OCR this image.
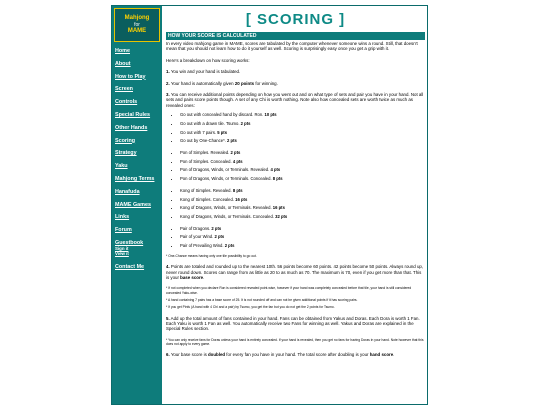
Mahjong
for
MAME
Home
About
How to Play
Screen
Controls
Special Rules
Other Hands
Scoring
Strategy
Yaku
Mahjong Terms
Hanafuda
MAME Games
Links
Forum
Guestbook
Sign it
View it
Contact Me
[ SCORING ]
HOW YOUR SCORE IS CALCULATED

In every video mahjong game in MAME, scores are tabulated by the computer whenever someone wins a round. Still, that doesn't mean that you should not learn how to do it yourself as well. Scoring is surprisingly easy once you get a grip with it.

Here's a breakdown on how scoring works:

1. You win and your hand is tabulated.

2. Your hand is automatically given 20 points for winning.

3. You can receive additional points depending on how you went out and on what type of sets and pair you have in your hand. Not all sets and pairs score points though. A set of any Chi is worth nothing. Note also how concealed sets are worth twice as much as revealed ones:

• Go out with concealed hand by discard. Ron. 10 pts
• Go out with a drawn tile. Tsumo. 2 pts
• Go out with 7 pairs. 5 pts
• Go out by One-Chance*. 2 pts
• Pon of Simples. Revealed. 2 pts
• Pon of Simples. Concealed. 4 pts
• Pon of Dragons, Winds, or Terminals. Revealed. 4 pts
• Pon of Dragons, Winds, or Terminals. Concealed. 8 pts
• Kong of Simples. Revealed. 8 pts
• Kong of Simples. Concealed. 16 pts
• Kong of Dragons, Winds, or Terminals. Revealed. 16 pts
• Kong of Dragons, Winds, or Terminals. Concealed. 32 pts
• Pair of Dragons. 2 pts
• Pair of your Wind. 2 pts
• Pair of Prevailing Wind. 2 pts

* One-Chance means having only one tile possibility to go out.

4. Points are totaled and rounded up to the nearest 10th. 56 points become 60 points. 42 points become 50 points. Always round up, never round down. Scores can range from as little as 20 to as much as 70. The maximum is 70, even if you get more than that. This is your base score.

* If not completed when you declare Ron is considered revealed point-wise, however if your hand was completely concealed before that tile, your hand is still considered concealed Yaku-wise.

* A hand containing 7 pairs has a base score of 25. It is not rounded off and can not be given additional points if it has scoring pairs.

* If you get Pinfu (A hand with 4 Chi and a pair) by Tsumo, you get the fan but you do not get the 2 points for Tsumo.

5. Add up the total amount of fans contained in your hand. Fans can be obtained from Yakus and Doras. Each Dora is worth 1 Fan. Each Yaku is worth 1 Fan as well. You automatically receive two Fans for winning as well. Yakus and Doras are explained in the Special Rules section.

* You can only receive fans for Doras unless your hand is entirely concealed. If your hand is revealed, then you get no fans for having Doras in your hand. Note however that this does not apply to every game.

6. Your base score is doubled for every fan you have in your hand. The total score after doubling is your hand score.
